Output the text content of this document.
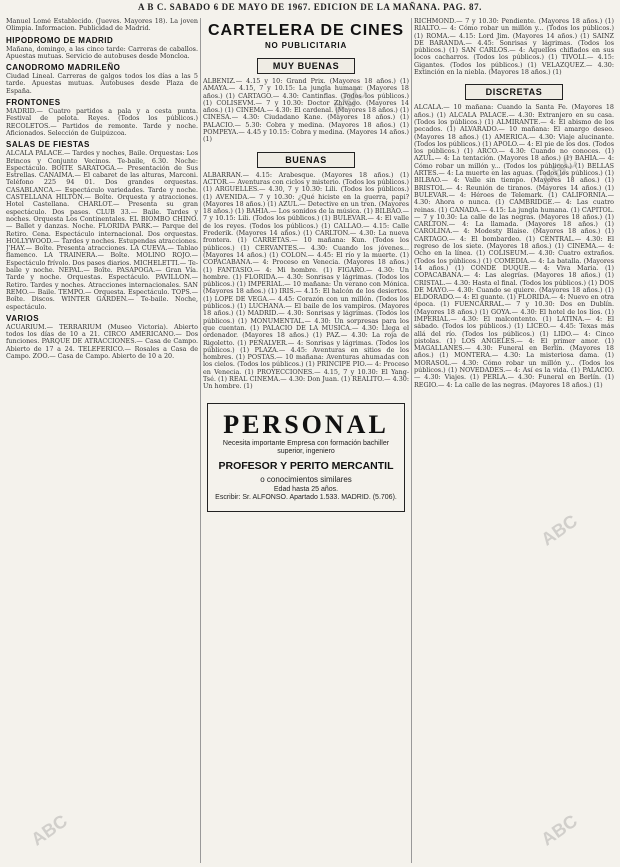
A B C. SABADO 6 DE MAYO DE 1967. EDICION DE LA MAÑANA. PAG. 87.
Manuel Lomé Establecido. (Jueves. Mayores 18). La joven Olimpia. Informacion. Publicidad de Madrid.
HIPODROMO DE MADRID
Mañana, domingo, a las cinco tarde: Carreras de caballos. Apuestas mutuas. Servicio de autobuses desde Moncloa.
CANODROMO MADRILEÑO
Ciudad Lineal. Carreras de galgos todos los días a las 5 tarde. Apuestas mutuas. Autobuses desde Plaza de España.
FRONTONES
MADRID.— Cuatro partidos a pala y a cesta punta. Festival de pelota. Reyes. (Todos los públicos.) RECOLETOS.— Partidos de remonte. Tarde y noche. Aficionados. Selección de Guipúzcoa.
SALAS DE FIESTAS
ALCALA PALACE.— Tardes y noches, Baile. Orquestas: Los Brincos y Conjunto Vecinos. Te-baile, 6.30. Noche: Espectáculo. BOITE SARATOGA.— Presentación de Sus Estrellas. CANAIMA.— El cabaret de las alturas, Marconi. Teléfono 225 94 01. Dos grandes orquestas. CASABLANCA.— Espectáculo variedades. Tarde y noche. CASTELLANA HILTON.— Boîte. Orquesta y atracciones. Hotel Castellana. CHARLOT.— Presenta su gran espectáculo. Dos pases. CLUB 33.— Baile. Tardes y noches. Orquesta Los Continentales. EL BIOMBO CHINO.— Ballet y danzas. Noche. FLORIDA PARK.— Parque del Retiro. Cena. Espectáculo internacional. Dos orquestas. HOLLYWOOD.— Tardes y noches. Estupendas atracciones. J'HAY.— Boîte. Presenta atracciones. LA CUEVA.— Tablao flamenco. LA TRAINERA.— Boîte. MOLINO ROJO.— Espectáculo frívolo. Dos pases diarios. MICHELETTI.— Te-baile y noche. NEPAL.— Boîte. PASAPOGA.— Gran Vía. Tarde y noche. Orquestas. Espectáculo. PAVILLON.— Retiro. Tardes y noches. Atracciones internacionales. SAN REMO.— Baile. TEMPO.— Orquesta. Espectáculo. TOPS.— Boîte. Discos. WINTER GARDEN.— Te-baile. Noche, espectáculo.
VARIOS
ACUARIUM.— TERRARIUM (Museo Victoria). Abierto todos los días de 10 a 21. CIRCO AMERICANO.— Dos funciones. PARQUE DE ATRACCIONES.— Casa de Campo. Abierto de 17 a 24. TELEFERICO.— Rosales a Casa de Campo. ZOO.— Casa de Campo. Abierto de 10 a 20.
CARTELERA DE CINES
NO PUBLICITARIA
MUY BUENAS
ALBENIZ.— 4.15 y 10: Grand Prix. (Mayores 18 años.) (1) AMAYA.— 4.15, 7 y 10.15: La jungla humana. (Mayores 18 años.) (1) CARTAGO.— 4.30: Cantinflas. (Todos los públicos.) (1) COLISEVM.— 7 y 10.30: Doctor Zhivago. (Mayores 14 años.) (1) CINEMA.— 4.30: El cardenal. (Mayores 18 años.) (1) CINESA.— 4.30: Ciudadano Kane. (Mayores 18 años.) (1) PALACIO.— 5.30: Cobra y medina. (Mayores 18 años.) (1) POMPEYA.— 4.45 y 10.15: Cobra y medina. (Mayores 14 años.) (1)
BUENAS
ALBARRAN.— 4.15: Arabesque. (Mayores 18 años.) (1) ACTOR.— Aventuras con ciclos y misterio. (Todos los públicos.) (1) ARGUELLES.— 4.30, 7 y 10.30: Lili. (Todos los públicos.) (1) AVENIDA.— 7 y 10.30: ¿Qué hiciste en la guerra, papi? (Mayores 18 años.) (1) AZUL.— Detective en un tren. (Mayores 18 años.) (1) BAHIA.— Los sonidos de la música. (1) BILBAO.— 7 y 10.15: Lili. (Todos los públicos.) (1) BULEVAR.— 4: El valle de los reyes. (Todos los públicos.) (1) CALLAO.— 4.15: Calle Frederik. (Mayores 14 años.) (1) CARLTON.— 4.30: La nueva frontera. (1) CARRETAS.— 10 mañana: Kun. (Todos los públicos.) (1) CERVANTES.— 4.30: Cuando los jóvenes... (Mayores 14 años.) (1) COLON.— 4.45: El río y la muerte. (1) COPACABANA.— 4: Proceso en Venecia. (Mayores 18 años.) (1) FANTASIO.— 4: Mi hombre. (1) FIGARO.— 4.30: Un hombre. (1) FLORIDA.— 4.30: Sonrisas y lágrimas. (Todos los públicos.) (1) IMPERIAL.— 10 mañana: Un verano con Mónica. (Mayores 18 años.) (1) IRIS.— 4.15: El halcón de los desiertos. (1) LOPE DE VEGA.— 4.45: Corazón con un millón. (Todos los públicos.) (1) LUCHANA.— El baile de los vampiros. (Mayores 18 años.) (1) MADRID.— 4.30: Sonrisas y lágrimas. (Todos los públicos.) (1) MONUMENTAL.— 4.30: Un sorpresas para los que cuentan. (1) PALACIO DE LA MUSICA.— 4.30: Llega el ordenador. (Mayores 18 años.) (1) PAZ.— 4.30: La roja de Rigoletto. (1) PEÑALVER.— 4: Sonrisas y lágrimas. (Todos los públicos.) (1) PLAZA.— 4.45: Aventuras en sitios de los hombres. (1) POSTAS.— 10 mañana: Aventuras ahumadas con los cielos. (Todos los públicos.) (1) PRINCIPE PIO.— 4: Proceso en Venecia. (1) PROYECCIONES.— 4.15, 7 y 10.30: El Yang-Tsé. (1) REAL CINEMA.— 4.30: Don Juan. (1) REALITO.— 4.30: Un hombre. (1)
PERSONAL
Necesita importante Empresa con formación bachiller superior, ingeniero
PROFESOR Y PERITO MERCANTIL
o conocimientos similares
Edad hasta 25 años.
Escribir: Sr. ALFONSO. Apartado 1.533. MADRID. (5.706).
RICHMOND.— 7 y 10.30: Pendiente. (Mayores 18 años.) (1) RIALTO.— 4: Cómo robar un millón y... (Todos los públicos.) (1) ROMA.— 4.15: Lord Jim. (Mayores 14 años.) (1) SAINZ DE BARANDA.— 4.45: Sonrisas y lágrimas. (Todos los públicos.) (1) SAN CARLOS.— 4: Aquellos chiflados en sus locos cacharros. (Todos los públicos.) (1) TIVOLI.— 4.15: Gigantes. (Todos los públicos.) (1) VELAZQUEZ.— 4.30: Extinción en la niebla. (Mayores 18 años.) (1)
DISCRETAS
ALCALA.— 10 mañana: Cuando la Santa Fe. (Mayores 18 años.) (1) ALCALA PALACE.— 4.30: Extranjero en su casa. (Todos los públicos.) (1) ALMIRANTE.— 4: El abismo de los pecados. (1) ALVARADO.— 10 mañana: El amargo deseo. (Mayores 18 años.) (1) AMERICA.— 4.30: Viaje alucinante. (Todos los públicos.) (1) APOLO.— 4: El pie de los dos. (Todos los públicos.) (1) ARCO.— 4.30: Cuando no conoces. (1) AZUL.— 4: La tentación. (Mayores 18 años.) (1) BAHIA.— 4: Cómo robar un millón y... (Todos los públicos.) (1) BELLAS ARTES.— 4: La muerte en las aguas. (Todos los públicos.) (1) BILBAO.— 4: Valle sin tiempo. (Mayores 18 años.) (1) BRISTOL.— 4: Reunión de tiranos. (Mayores 14 años.) (1) BULEVAR.— 4: Héroes de Telemark. (1) CALIFORNIA.— 4.30: Ahora o nunca. (1) CAMBRIDGE.— 4: Las cuatro reinas. (1) CANADA.— 4.15: La jungla humana. (1) CAPITOL.— 7 y 10.30: La calle de las negras. (Mayores 18 años.) (1) CARLTON.— 4: La llamada. (Mayores 18 años.) (1) CAROLINA.— 4: Modesty Blaise. (Mayores 18 años.) (1) CARTAGO.— 4: El bombardeo. (1) CENTRAL.— 4.30: El regreso de los siete. (Mayores 18 años.) (1) CINEMA.— 4: Ocho en la línea. (1) COLISEUM.— 4.30: Cuatro extraños. (Todos los públicos.) (1) COMEDIA.— 4: La batalla. (Mayores 14 años.) (1) CONDE DUQUE.— 4: Viva Maria. (1) COPACABANA.— 4: Las alegrías. (Mayores 18 años.) (1) CRISTAL.— 4.30: Hasta el final. (Todos los públicos.) (1) DOS DE MAYO.— 4.30: Cuando se quiere. (Mayores 18 años.) (1) ELDORADO.— 4: El guante. (1) FLORIDA.— 4: Nuevo en otra época. (1) FUENCARRAL.— 7 y 10.30: Dos en Dublín. (Mayores 18 años.) (1) GOYA.— 4.30: El hotel de los líos. (1) IMPERIAL.— 4.30: El malcontento. (1) LATINA.— 4: El sábado. (Todos los públicos.) (1) LICEO.— 4.45: Texas más allá del río. (Todos los públicos.) (1) LIDO.— 4: Cinco pistolas. (1) LOS ANGELES.— 4: El primer amor. (1) MAGALLANES.— 4.30: Funeral en Berlín. (Mayores 18 años.) (1) MONTERA.— 4.30: La misteriosa dama. (1) MORASOL.— 4.30: Cómo robar un millón y... (Todos los públicos.) (1) NOVEDADES.— 4: Así es la vida. (1) PALACIO.— 4.30: Viajes. (1) PERLA.— 4.30: Funeral en Berlín. (1) REGIO.— 4: La calle de las negras. (Mayores 18 años.) (1)
ABC
ABC
ABC
ABC
ABC
